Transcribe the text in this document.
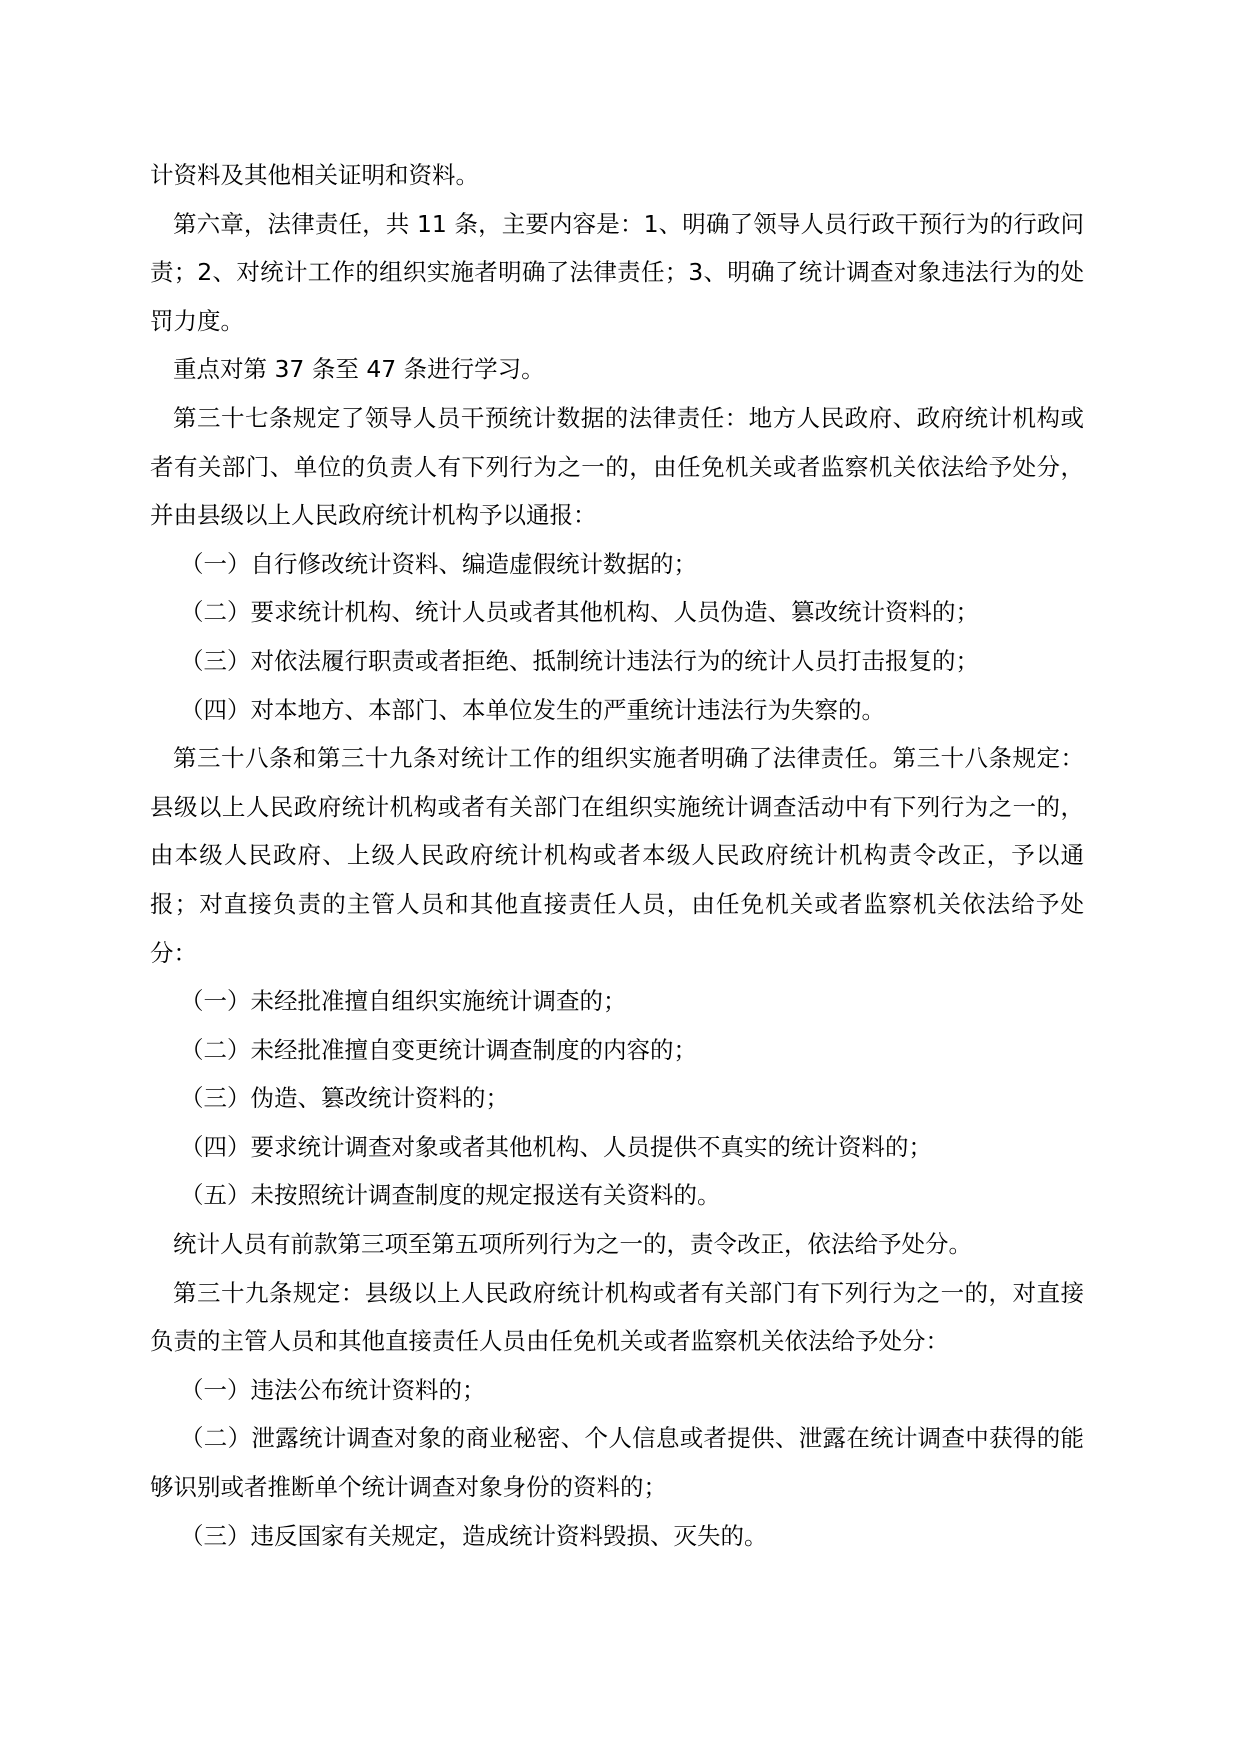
计资料及其他相关证明和资料。

第六章，法律责任，共 11 条，主要内容是：1、明确了领导人员行政干预行为的行政问责；2、对统计工作的组织实施者明确了法律责任；3、明确了统计调查对象违法行为的处罚力度。

重点对第 37 条至 47 条进行学习。

第三十七条规定了领导人员干预统计数据的法律责任：地方人民政府、政府统计机构或者有关部门、单位的负责人有下列行为之一的，由任免机关或者监察机关依法给予处分，并由县级以上人民政府统计机构予以通报：

（一）自行修改统计资料、编造虚假统计数据的；

（二）要求统计机构、统计人员或者其他机构、人员伪造、篡改统计资料的；

（三）对依法履行职责或者拒绝、抵制统计违法行为的统计人员打击报复的；

（四）对本地方、本部门、本单位发生的严重统计违法行为失察的。

第三十八条和第三十九条对统计工作的组织实施者明确了法律责任。第三十八条规定：县级以上人民政府统计机构或者有关部门在组织实施统计调查活动中有下列行为之一的，由本级人民政府、上级人民政府统计机构或者本级人民政府统计机构责令改正，予以通报；对直接负责的主管人员和其他直接责任人员，由任免机关或者监察机关依法给予处分：

（一）未经批准擅自组织实施统计调查的；

（二）未经批准擅自变更统计调查制度的内容的；

（三）伪造、篡改统计资料的；

（四）要求统计调查对象或者其他机构、人员提供不真实的统计资料的；

（五）未按照统计调查制度的规定报送有关资料的。

统计人员有前款第三项至第五项所列行为之一的，责令改正，依法给予处分。

第三十九条规定：县级以上人民政府统计机构或者有关部门有下列行为之一的，对直接负责的主管人员和其他直接责任人员由任免机关或者监察机关依法给予处分：

（一）违法公布统计资料的；

（二）泄露统计调查对象的商业秘密、个人信息或者提供、泄露在统计调查中获得的能够识别或者推断单个统计调查对象身份的资料的；

（三）违反国家有关规定，造成统计资料毁损、灭失的。
